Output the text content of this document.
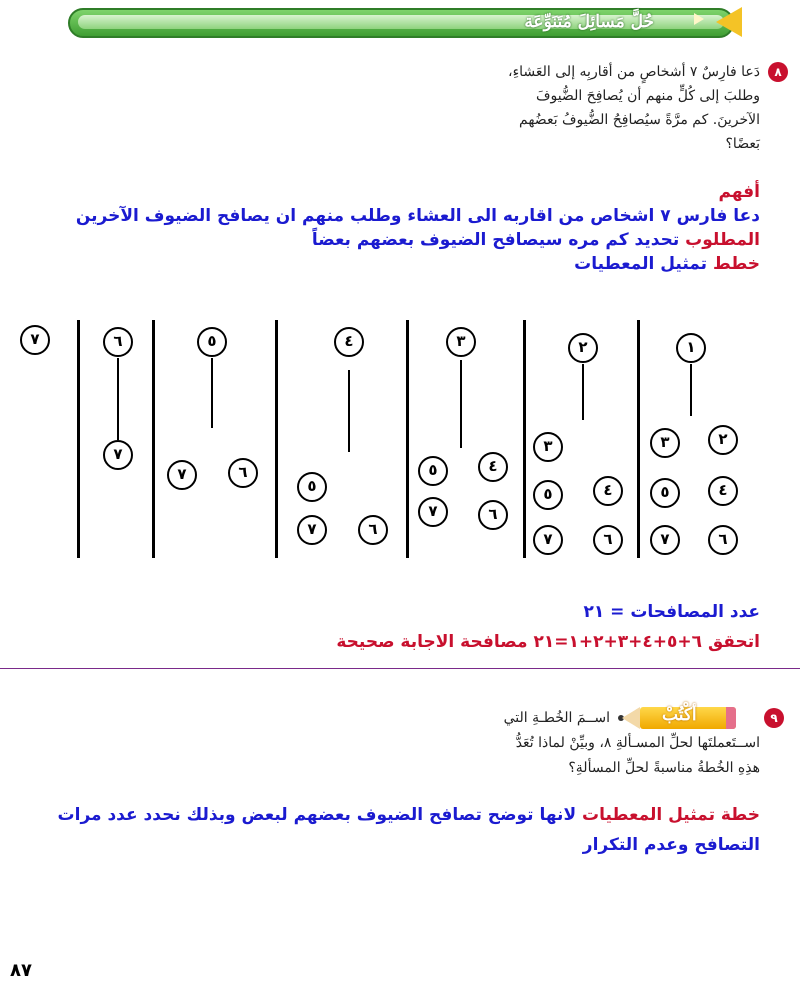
حُلَّ مَسائِلَ مُتَنَوِّعَة
٨
دَعا فارِسٌ ٧ أشخاصٍ من أقاربِه إلى العَشاءِ،
وطلبَ إلى كُلٍّ منهم أن يُصافِحَ الضُّيوفَ
الآخرينَ. كم مرَّةً سيُصافِحُ الضُّيوفُ بَعضُهم
بَعضًا؟
أفهم
دعا فارس ٧ اشخاص من اقاربه الى العشاء وطلب منهم ان يصافح الضيوف الآخرين
المطلوب تحديد كم مره سيصافح الضيوف بعضهم بعضاً
خطط تمثيل المعطيات
٧	٦
٧
٥
٧	٦
٤
٥
٧	٦
٣
٤
٥
٧	٦
٢
٣
٥	٤
٧	٦
١
٣	٢
٥	٤
٧	٦
عدد المصافحات = ٢١
اتحقق ٦+٥+٤+٣+٢+١=٢١ مصافحة الاجابة صحيحة
٩
أكْتُبْ
اســمَ الخُطـةِ التي
اســتَعملتَها لحلِّ المسـألةِ ٨، وبيِّنْ لماذا تُعَدُّ
هذِهِ الخُطةُ مناسبةً لحلِّ المسألةِ؟
خطة تمثيل المعطيات لانها توضح تصافح الضيوف بعضهم لبعض وبذلك نحدد عدد مرات التصافح وعدم التكرار
٨٧
